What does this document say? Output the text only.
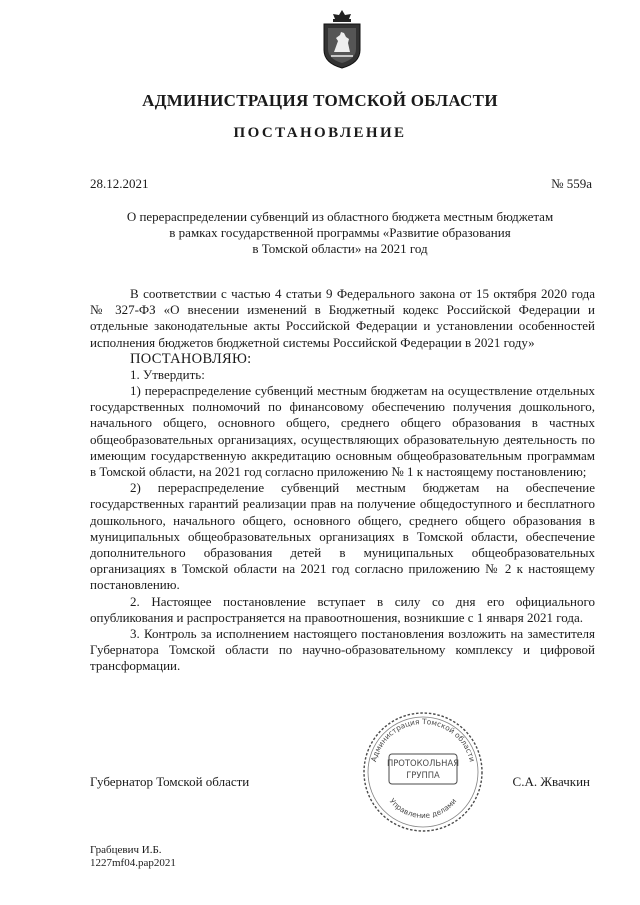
АДМИНИСТРАЦИЯ ТОМСКОЙ ОБЛАСТИ
ПОСТАНОВЛЕНИЕ
28.12.2021	№ 559а
О перераспределении субвенций из областного бюджета местным бюджетам
в рамках государственной программы «Развитие образования
в Томской области» на 2021 год

В соответствии с частью 4 статьи 9 Федерального закона от 15 октября 2020 года № 327-ФЗ «О внесении изменений в Бюджетный кодекс Российской Федерации и отдельные законодательные акты Российской Федерации и установлении особенностей исполнения бюджетов бюджетной системы Российской Федерации в 2021 году»

ПОСТАНОВЛЯЮ:

1. Утвердить:

1) перераспределение субвенций местным бюджетам на осуществление отдельных государственных полномочий по финансовому обеспечению получения дошкольного, начального общего, основного общего, среднего общего образования в частных общеобразовательных организациях, осуществляющих образовательную деятельность по имеющим государственную аккредитацию основным общеобразовательным программам в Томской области, на 2021 год согласно приложению № 1 к настоящему постановлению;

2) перераспределение субвенций местным бюджетам на обеспечение государственных гарантий реализации прав на получение общедоступного и бесплатного дошкольного, начального общего, основного общего, среднего общего образования в муниципальных общеобразовательных организациях в Томской области, обеспечение дополнительного образования детей в муниципальных общеобразовательных организациях в Томской области на 2021 год согласно приложению № 2 к настоящему постановлению.

2. Настоящее постановление вступает в силу со дня его официального опубликования и распространяется на правоотношения, возникшие с 1 января 2021 года.

3. Контроль за исполнением настоящего постановления возложить на заместителя Губернатора Томской области по научно-образовательному комплексу и цифровой трансформации.

Губернатор Томской области
Администрация Томской области
Управление делами
ПРОТОКОЛЬНАЯ
ГРУППА	С.А. Жвачкин
Грабцевич И.Б.
1227mf04.pap2021
